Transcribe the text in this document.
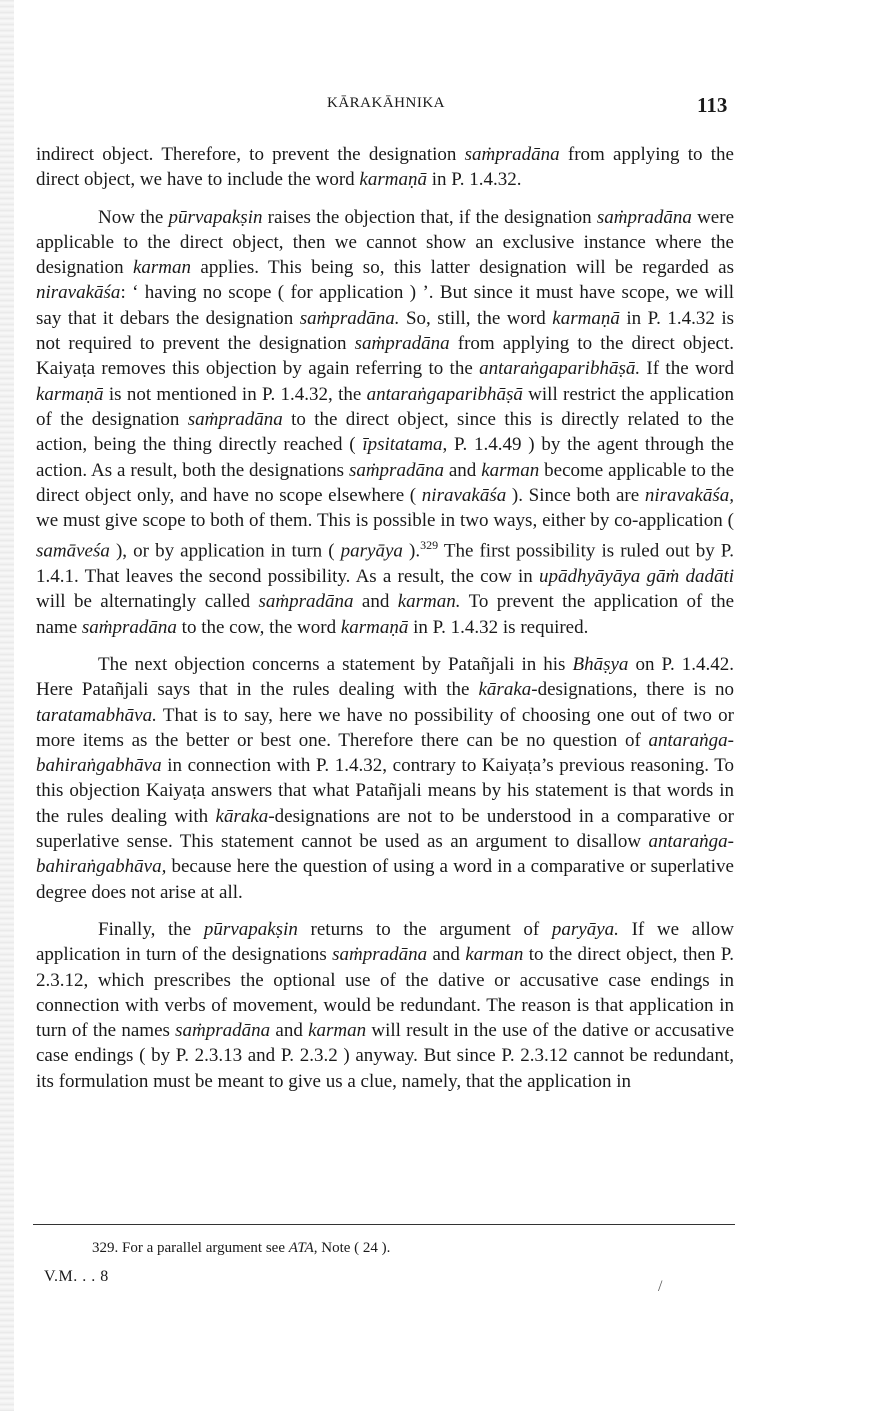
KĀRAKĀHNIKA	113

indirect object. Therefore, to prevent the designation saṁpradāna from applying to the direct object, we have to include the word karmaṇā in P. 1.4.32.

Now the pūrvapakṣin raises the objection that, if the designation saṁpradāna were applicable to the direct object, then we cannot show an exclusive instance where the designation karman applies. This being so, this latter designation will be regarded as niravakāśa: ‘ having no scope ( for application ) ’. But since it must have scope, we will say that it debars the designation saṁpradāna. So, still, the word karmaṇā in P. 1.4.32 is not required to prevent the designation saṁpradāna from applying to the direct object. Kaiyaṭa removes this objection by again referring to the antaraṅgaparibhāṣā. If the word karmaṇā is not mentioned in P. 1.4.32, the antaraṅgaparibhāṣā will restrict the application of the designation saṁpradāna to the direct object, since this is directly related to the action, being the thing directly reached ( īpsitatama, P. 1.4.49 ) by the agent through the action. As a result, both the designations saṁpradāna and karman become applicable to the direct object only, and have no scope elsewhere ( niravakāśa ). Since both are niravakāśa, we must give scope to both of them. This is possible in two ways, either by co-application ( samāveśa ), or by application in turn ( paryāya ).$^{329}$ The first possibility is ruled out by P. 1.4.1. That leaves the second possibility. As a result, the cow in upādhyāyāya gāṁ dadāti will be alternatingly called saṁpradāna and karman. To prevent the application of the name saṁpradāna to the cow, the word karmaṇā in P. 1.4.32 is required.

The next objection concerns a statement by Patañjali in his Bhāṣya on P. 1.4.42. Here Patañjali says that in the rules dealing with the kāraka-designations, there is no taratamabhāva. That is to say, here we have no possibility of choosing one out of two or more items as the better or best one. Therefore there can be no question of antaraṅga-bahiraṅgabhāva in connection with P. 1.4.32, contrary to Kaiyaṭa’s previous reasoning. To this objection Kaiyaṭa answers that what Patañjali means by his statement is that words in the rules dealing with kāraka-designations are not to be understood in a comparative or superlative sense. This statement cannot be used as an argument to disallow antaraṅga-bahiraṅgabhāva, because here the question of using a word in a comparative or superlative degree does not arise at all.

Finally, the pūrvapakṣin returns to the argument of paryāya. If we allow application in turn of the designations saṁpradāna and karman to the direct object, then P. 2.3.12, which prescribes the optional use of the dative or accusative case endings in connection with verbs of movement, would be redundant. The reason is that application in turn of the names saṁpradāna and karman will result in the use of the dative or accusative case endings ( by P. 2.3.13 and P. 2.3.2 ) anyway. But since P. 2.3.12 cannot be redundant, its formulation must be meant to give us a clue, namely, that the application in

329. For a parallel argument see ATA, Note ( 24 ).
V.M. . . 8
/
